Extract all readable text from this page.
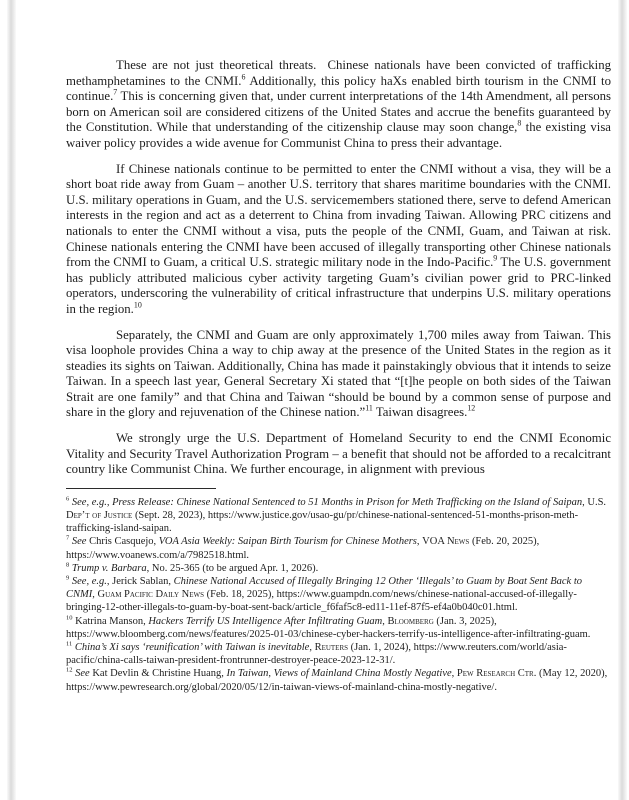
These are not just theoretical threats.  Chinese nationals have been convicted of trafficking methamphetamines to the CNMI.$^6$ Additionally, this policy haXs enabled birth tourism in the CNMI to continue.$^7$ This is concerning given that, under current interpretations of the 14th Amendment, all persons born on American soil are considered citizens of the United States and accrue the benefits guaranteed by the Constitution. While that understanding of the citizenship clause may soon change,$^8$ the existing visa waiver policy provides a wide avenue for Communist China to press their advantage.

If Chinese nationals continue to be permitted to enter the CNMI without a visa, they will be a short boat ride away from Guam – another U.S. territory that shares maritime boundaries with the CNMI. U.S. military operations in Guam, and the U.S. servicemembers stationed there, serve to defend American interests in the region and act as a deterrent to China from invading Taiwan. Allowing PRC citizens and nationals to enter the CNMI without a visa, puts the people of the CNMI, Guam, and Taiwan at risk. Chinese nationals entering the CNMI have been accused of illegally transporting other Chinese nationals from the CNMI to Guam, a critical U.S. strategic military node in the Indo-Pacific.$^9$ The U.S. government has publicly attributed malicious cyber activity targeting Guam’s civilian power grid to PRC-linked operators, underscoring the vulnerability of critical infrastructure that underpins U.S. military operations in the region.$^{10}$

Separately, the CNMI and Guam are only approximately 1,700 miles away from Taiwan. This visa loophole provides China a way to chip away at the presence of the United States in the region as it steadies its sights on Taiwan. Additionally, China has made it painstakingly obvious that it intends to seize Taiwan. In a speech last year, General Secretary Xi stated that “[t]he people on both sides of the Taiwan Strait are one family” and that China and Taiwan “should be bound by a common sense of purpose and share in the glory and rejuvenation of the Chinese nation.”$^{11}$ Taiwan disagrees.$^{12}$

We strongly urge the U.S. Department of Homeland Security to end the CNMI Economic Vitality and Security Travel Authorization Program – a benefit that should not be afforded to a recalcitrant country like Communist China. We further encourage, in alignment with previous

$^6$ See, e.g., Press Release: Chinese National Sentenced to 51 Months in Prison for Meth Trafficking on the Island of Saipan, U.S. Dep’t of Justice (Sept. 28, 2023), https://www.justice.gov/usao-gu/pr/chinese-national-sentenced-51-months-prison-meth-trafficking-island-saipan.
$^7$ See Chris Casquejo, VOA Asia Weekly: Saipan Birth Tourism for Chinese Mothers, VOA News (Feb. 20, 2025), https://www.voanews.com/a/7982518.html.
$^8$ Trump v. Barbara, No. 25-365 (to be argued Apr. 1, 2026).
$^9$ See, e.g., Jerick Sablan, Chinese National Accused of Illegally Bringing 12 Other ‘Illegals’ to Guam by Boat Sent Back to CNMI, Guam Pacific Daily News (Feb. 18, 2025), https://www.guampdn.com/news/chinese-national-accused-of-illegally-bringing-12-other-illegals-to-guam-by-boat-sent-back/article_f6faf5c8-ed11-11ef-87f5-ef4a0b040c01.html.
$^{10}$ Katrina Manson, Hackers Terrify US Intelligence After Infiltrating Guam, Bloomberg (Jan. 3, 2025), https://www.bloomberg.com/news/features/2025-01-03/chinese-cyber-hackers-terrify-us-intelligence-after-infiltrating-guam.
$^{11}$ China’s Xi says ‘reunification’ with Taiwan is inevitable, Reuters (Jan. 1, 2024), https://www.reuters.com/world/asia-pacific/china-calls-taiwan-president-frontrunner-destroyer-peace-2023-12-31/.
$^{12}$ See Kat Devlin & Christine Huang, In Taiwan, Views of Mainland China Mostly Negative, Pew Research Ctr. (May 12, 2020), https://www.pewresearch.org/global/2020/05/12/in-taiwan-views-of-mainland-china-mostly-negative/.
